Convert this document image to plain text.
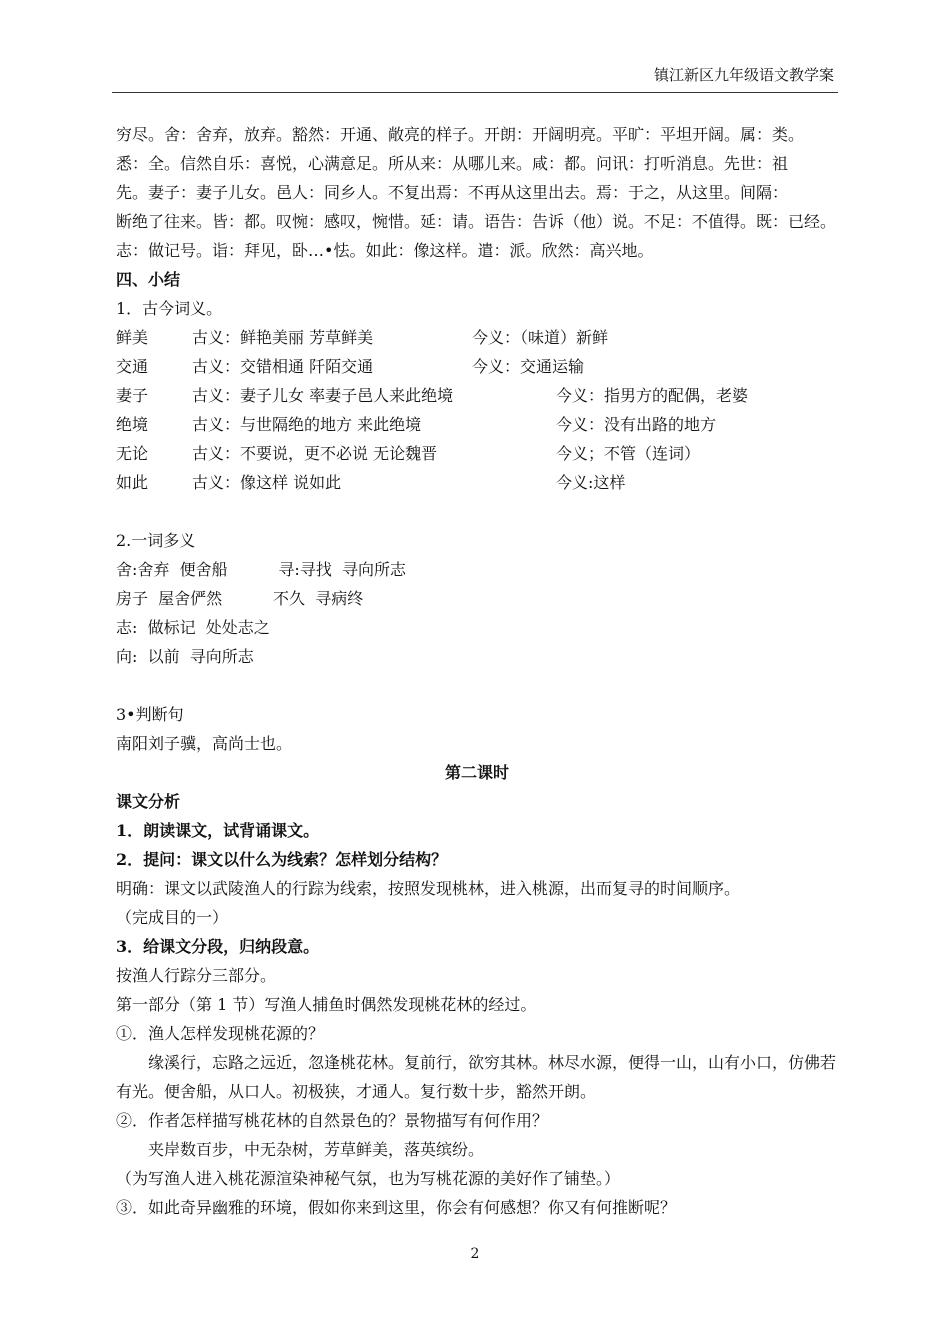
镇江新区九年级语文教学案
穷尽。舍：舍弃，放弃。豁然：开通、敞亮的样子。开朗：开阔明亮。平旷：平坦开阔。属：类。
悉：全。信然自乐：喜悦，心满意足。所从来：从哪儿来。咸：都。问讯：打听消息。先世：祖
先。妻子：妻子儿女。邑人：同乡人。不复出焉：不再从这里出去。焉：于之，从这里。间隔：
断绝了往来。皆：都。叹惋：感叹，惋惜。延：请。语告：告诉（他）说。不足：不值得。既：已经。
志：做记号。诣：拜见，卧…•怯。如此：像这样。遣：派。欣然：高兴地。
四、小结
1．古今词义。
鲜美	古义：鲜艳美丽 芳草鲜美	今义：（味道）新鲜
交通	古义：交错相通 阡陌交通	今义：交通运输
妻子	古义：妻子儿女 率妻子邑人来此绝境	今义：指男方的配偶，老婆
绝境	古义：与世隔绝的地方 来此绝境	今义：没有出路的地方
无论	古义：不要说，更不必说 无论魏晋	今义；不管（连词）
如此	古义：像这样 说如此	今义:这样
2.一词多义
舍:舍弃  便舍船          寻:寻找  寻向所志
房子  屋舍俨然          不久  寻病终
志:  做标记  处处志之
向:  以前  寻向所志
3•判断句
南阳刘子骥，高尚士也。
第二课时
课文分析
1．朗读课文，试背诵课文。
2．提问：课文以什么为线索？怎样划分结构？
明确：课文以武陵渔人的行踪为线索，按照发现桃林，进入桃源，出而复寻的时间顺序。
（完成目的一）
3．给课文分段，归纳段意。
按渔人行踪分三部分。
第一部分（第 1 节）写渔人捕鱼时偶然发现桃花林的经过。
①．渔人怎样发现桃花源的？
缘溪行，忘路之远近，忽逢桃花林。复前行，欲穷其林。林尽水源，便得一山，山有小口，仿佛若有光。便舍船，从口人。初极狭，才通人。复行数十步，豁然开朗。
②．作者怎样描写桃花林的自然景色的？景物描写有何作用？
夹岸数百步，中无杂树，芳草鲜美，落英缤纷。
（为写渔人进入桃花源渲染神秘气氛，也为写桃花源的美好作了铺垫。）
③．如此奇异幽雅的环境，假如你来到这里，你会有何感想？你又有何推断呢？
2
